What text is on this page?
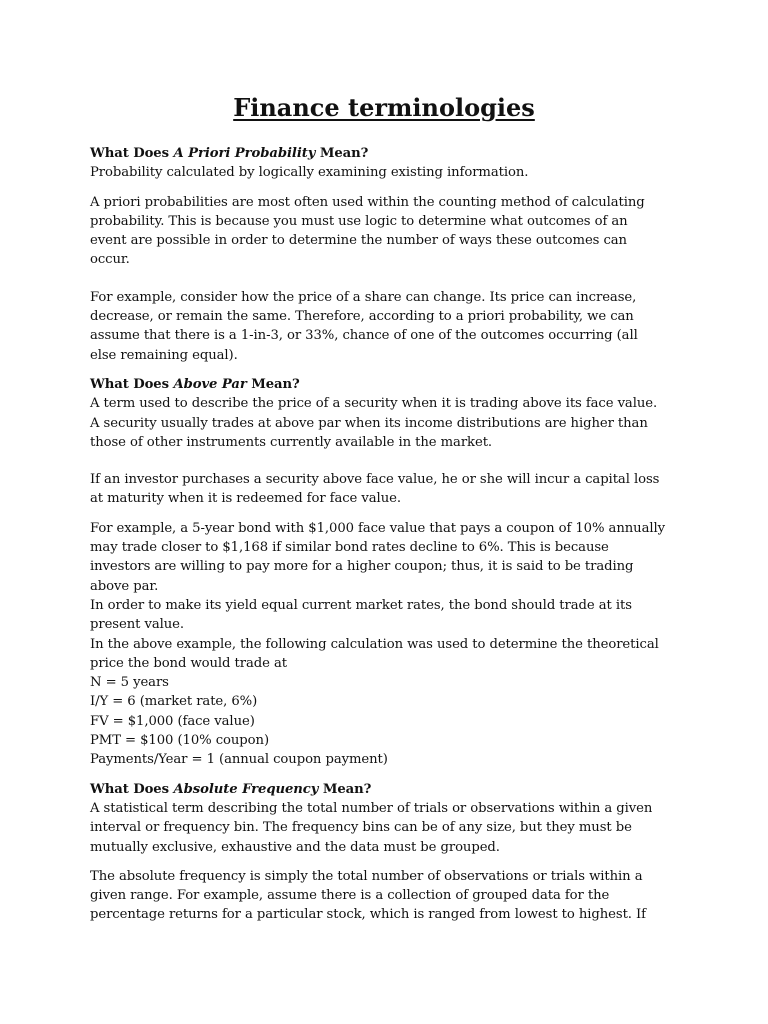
Finance terminologies
What Does A Priori Probability Mean?

Probability calculated by logically examining existing information.

A priori probabilities are most often used within the counting method of calculating probability. This is because you must use logic to determine what outcomes of an event are possible in order to determine the number of ways these outcomes can occur.

For example, consider how the price of a share can change. Its price can increase, decrease, or remain the same. Therefore, according to a priori probability, we can assume that there is a 1-in-3, or 33%, chance of one of the outcomes occurring (all else remaining equal).

What Does Above Par Mean?

A term used to describe the price of a security when it is trading above its face value. A security usually trades at above par when its income distributions are higher than those of other instruments currently available in the market.

If an investor purchases a security above face value, he or she will incur a capital loss at maturity when it is redeemed for face value.

For example, a 5-year bond with $1,000 face value that pays a coupon of 10% annually may trade closer to $1,168 if similar bond rates decline to 6%. This is because investors are willing to pay more for a higher coupon; thus, it is said to be trading above par.

In order to make its yield equal current market rates, the bond should trade at its present value.

In the above example, the following calculation was used to determine the theoretical price the bond would trade at

N = 5 years

I/Y = 6 (market rate, 6%)

FV = $1,000 (face value)

PMT = $100 (10% coupon)

Payments/Year = 1 (annual coupon payment)

What Does Absolute Frequency Mean?

A statistical term describing the total number of trials or observations within a given interval or frequency bin. The frequency bins can be of any size, but they must be mutually exclusive, exhaustive and the data must be grouped.

The absolute frequency is simply the total number of observations or trials within a given range. For example, assume there is a collection of grouped data for the percentage returns for a particular stock, which is ranged from lowest to highest. If
